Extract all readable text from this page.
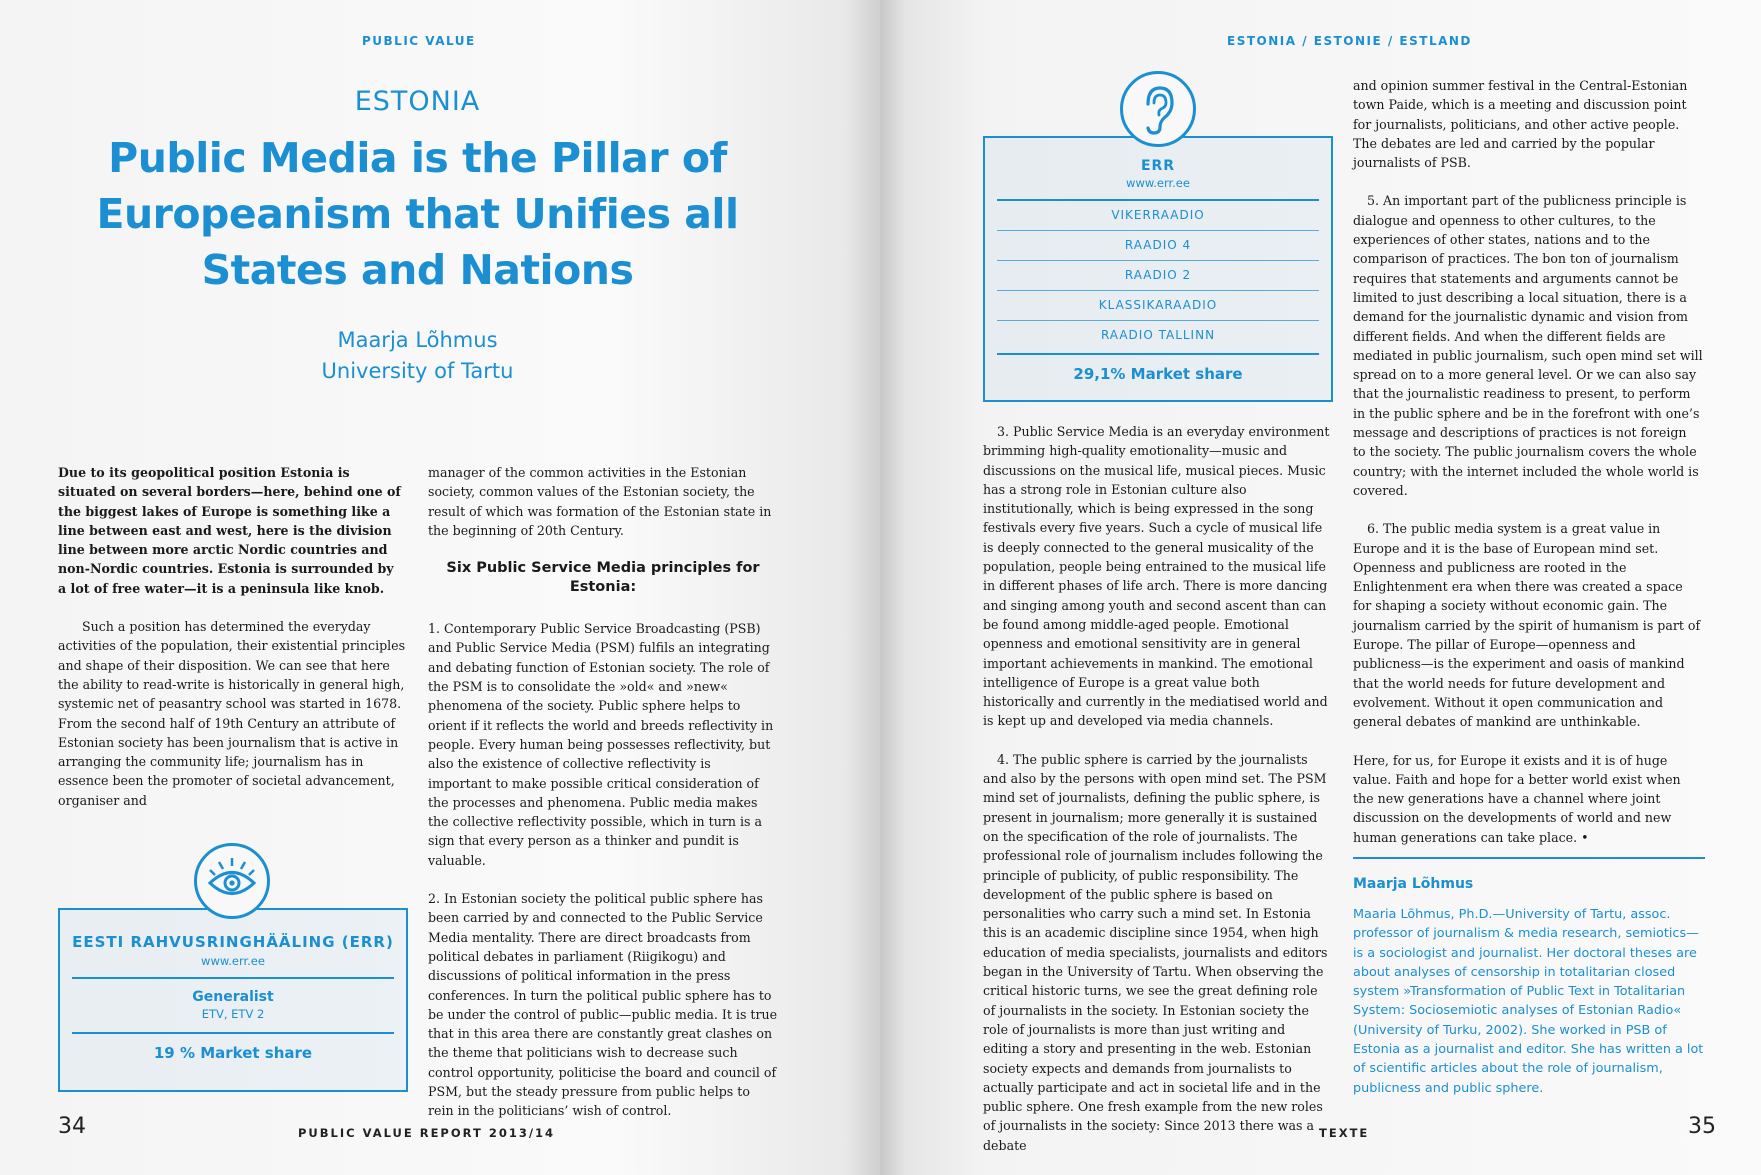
PUBLIC VALUE
ESTONIA
Public Media is the Pillar of Europeanism that Unifies all States and Nations
Maarja Lõhmus
University of Tartu

Due to its geopolitical position Estonia is situated on several borders—here, behind one of the biggest lakes of Europe is something like a line between east and west, here is the division line between more arctic Nordic countries and non-Nordic countries. Estonia is surrounded by a lot of free water—it is a peninsula like knob.

Such a position has determined the everyday activities of the population, their existential principles and shape of their disposition. We can see that here the ability to read-write is historically in general high, systemic net of peasantry school was started in 1678. From the second half of 19th Century an attribute of Estonian society has been journalism that is active in arranging the community life; journalism has in essence been the promoter of societal advancement, organiser and

manager of the common activities in the Estonian society, common values of the Estonian society, the result of which was formation of the Estonian state in the beginning of 20th Century.

Six Public Service Media principles for Estonia:

1. Contemporary Public Service Broadcasting (PSB) and Public Service Media (PSM) fulfils an integrating and debating function of Estonian society. The role of the PSM is to consolidate the »old« and »new« phenomena of the society. Public sphere helps to orient if it reflects the world and breeds reflectivity in people. Every human being possesses reflectivity, but also the existence of collective reflectivity is important to make possible critical consideration of the processes and phenomena. Public media makes the collective reflectivity possible, which in turn is a sign that every person as a thinker and pundit is valuable.

2. In Estonian society the political public sphere has been carried by and connected to the Public Service Media mentality. There are direct broadcasts from political debates in parliament (Riigikogu) and discussions of political information in the press conferences. In turn the political public sphere has to be under the control of public—public media. It is true that in this area there are constantly great clashes on the theme that politicians wish to decrease such control opportunity, politicise the board and council of PSM, but the steady pressure from public helps to rein in the politicians’ wish of control.

EESTI RAHVUSRINGHÄÄLING (ERR)
www.err.ee
Generalist
ETV, ETV 2
19 % Market share
34	PUBLIC VALUE REPORT 2013/14
ESTONIA / ESTONIE / ESTLAND
ERR
www.err.ee
VIKERRAADIO
RAADIO 4
RAADIO 2
KLASSIKARAADIO
RAADIO TALLINN
29,1% Market share

3. Public Service Media is an everyday environment brimming high-quality emotionality—music and discussions on the musical life, musical pieces. Music has a strong role in Estonian culture also institutionally, which is being expressed in the song festivals every five years. Such a cycle of musical life is deeply connected to the general musicality of the population, people being entrained to the musical life in different phases of life arch. There is more dancing and singing among youth and second ascent than can be found among middle-aged people. Emotional openness and emotional sensitivity are in general important achievements in mankind. The emotional intelligence of Europe is a great value both historically and currently in the mediatised world and is kept up and developed via media channels.

4. The public sphere is carried by the journalists and also by the persons with open mind set. The PSM mind set of journalists, defining the public sphere, is present in journalism; more generally it is sustained on the specification of the role of journalists. The professional role of journalism includes following the principle of publicity, of public responsibility. The development of the public sphere is based on personalities who carry such a mind set. In Estonia this is an academic discipline since 1954, when high education of media specialists, journalists and editors began in the University of Tartu. When observing the critical historic turns, we see the great defining role of journalists in the society. In Estonian society the role of journalists is more than just writing and editing a story and presenting in the web. Estonian society expects and demands from journalists to actually participate and act in societal life and in the public sphere. One fresh example from the new roles of journalists in the society: Since 2013 there was a debate

and opinion summer festival in the Central-Estonian town Paide, which is a meeting and discussion point for journalists, politicians, and other active people. The debates are led and carried by the popular journalists of PSB.

5. An important part of the publicness principle is dialogue and openness to other cultures, to the experiences of other states, nations and to the comparison of practices. The bon ton of journalism requires that statements and arguments cannot be limited to just describing a local situation, there is a demand for the journalistic dynamic and vision from different fields. And when the different fields are mediated in public journalism, such open mind set will spread on to a more general level. Or we can also say that the journalistic readiness to present, to perform in the public sphere and be in the forefront with one’s message and descriptions of practices is not foreign to the society. The public journalism covers the whole country; with the internet included the whole world is covered.

6. The public media system is a great value in Europe and it is the base of European mind set. Openness and publicness are rooted in the Enlightenment era when there was created a space for shaping a society without economic gain. The journalism carried by the spirit of humanism is part of Europe. The pillar of Europe—openness and publicness—is the experiment and oasis of mankind that the world needs for future development and evolvement. Without it open communication and general debates of mankind are unthinkable.

Here, for us, for Europe it exists and it is of huge value. Faith and hope for a better world exist when the new generations have a channel where joint discussion on the developments of world and new human generations can take place. •

Maarja Lõhmus
Maaria Lõhmus, Ph.D.—University of Tartu, assoc. professor of journalism & media research, semiotics—is a sociologist and journalist. Her doctoral theses are about analyses of censorship in totalitarian closed system »Transformation of Public Text in Totalitarian System: Sociosemiotic analyses of Estonian Radio« (University of Turku, 2002). She worked in PSB of Estonia as a journalist and editor. She has written a lot of scientific articles about the role of journalism, publicness and public sphere.
TEXTE	35
